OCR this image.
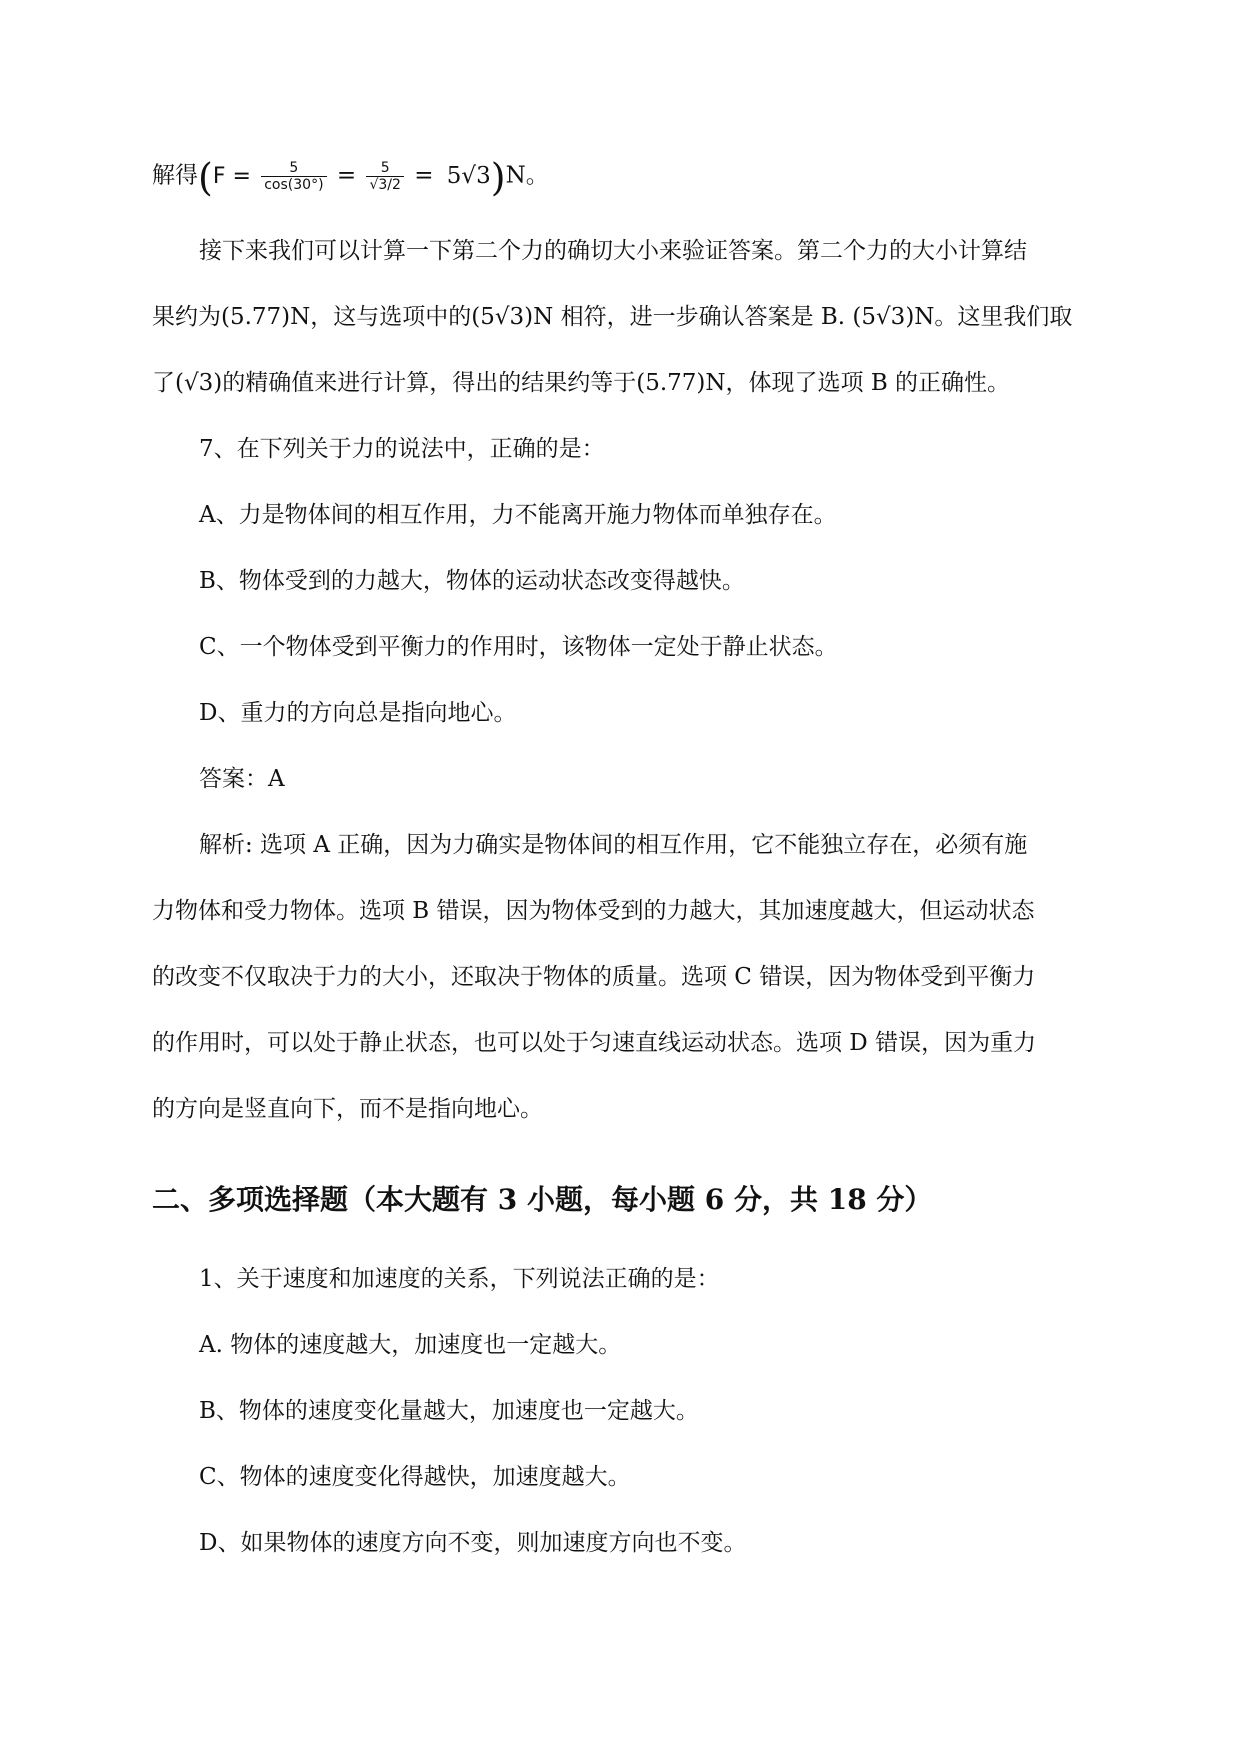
解得$(F = \frac{5}{\cos(30^\circ)} = \frac{5}{√3/2} = 5√3)N$。
接下来我们可以计算一下第二个力的确切大小来验证答案。第二个力的大小计算结
果约为(5.77)N，这与选项中的(5√3)N 相符，进一步确认答案是 B. (5√3)N。这里我们取
了(√3)的精确值来进行计算，得出的结果约等于(5.77)N，体现了选项 B 的正确性。
7、在下列关于力的说法中，正确的是：
A、力是物体间的相互作用，力不能离开施力物体而单独存在。
B、物体受到的力越大，物体的运动状态改变得越快。
C、一个物体受到平衡力的作用时，该物体一定处于静止状态。
D、重力的方向总是指向地心。
答案：A
解析: 选项 A 正确，因为力确实是物体间的相互作用，它不能独立存在，必须有施
力物体和受力物体。选项 B 错误，因为物体受到的力越大，其加速度越大，但运动状态
的改变不仅取决于力的大小，还取决于物体的质量。选项 C 错误，因为物体受到平衡力
的作用时，可以处于静止状态，也可以处于匀速直线运动状态。选项 D 错误，因为重力
的方向是竖直向下，而不是指向地心。
二、多项选择题（本大题有 3 小题，每小题 6 分，共 18 分）
1、关于速度和加速度的关系，下列说法正确的是：
A. 物体的速度越大，加速度也一定越大。
B、物体的速度变化量越大，加速度也一定越大。
C、物体的速度变化得越快，加速度越大。
D、如果物体的速度方向不变，则加速度方向也不变。
